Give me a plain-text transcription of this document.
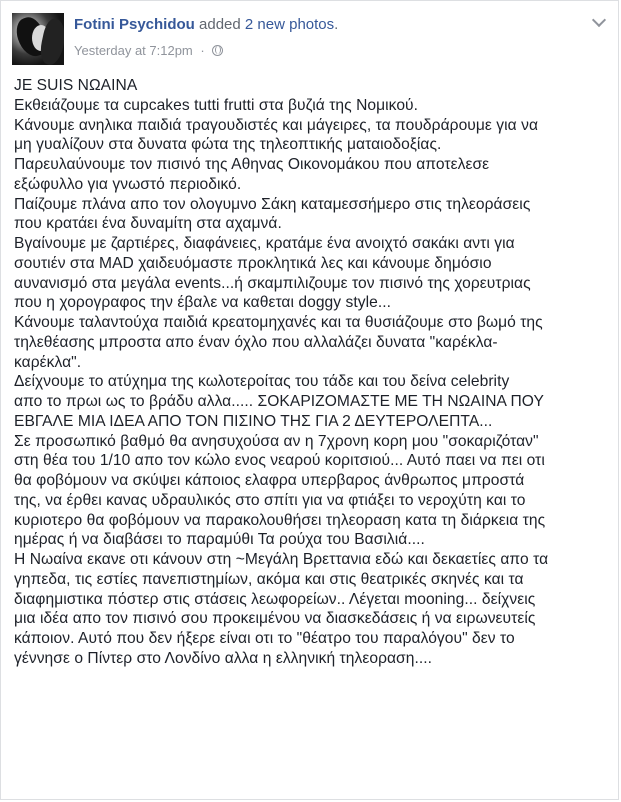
Fotini Psychidou added 2 new photos.
Yesterday at 7:12pm ·
JE SUIS ΝΩΑΙΝΑ
Εκθειάζουμε τα cupcakes tutti frutti στα βυζιά της Νομικού.
Κάνουμε ανηλικα παιδιά τραγουδιστές και μάγειρες, τα πουδράρουμε για να
μη γυαλίζουν στα δυνατα φώτα της τηλεοπτικής ματαιοδοξίας.
Παρευλαύνουμε τον πισινό της Αθηνας Οικονομάκου που αποτελεσε
εξώφυλλο για γνωστό περιοδικό.
Παίζουμε πλάνα απο τον ολογυμνο Σάκη καταμεσσήμερο στις τηλεοράσεις
που κρατάει ένα δυναμίτη στα αχαμνά.
Βγαίνουμε με ζαρτιέρες, διαφάνειες, κρατάμε ένα ανοιχτό σακάκι αντι για
σουτιέν στα MAD χαιδευόμαστε προκλητικά λες και κάνουμε δημόσιο
αυνανισμό στα μεγάλα events...ή σκαμπιλιζουμε τον πισινό της χορευτριας
που η χορογραφος την έβαλε να καθεται doggy style...
Κάνουμε ταλαντούχα παιδιά κρεατομηχανές και τα θυσιάζουμε στο βωμό της
τηλεθέασης μπροστα απο έναν όχλο που αλλαλάζει δυνατα "καρέκλα-
καρέκλα".
Δείχνουμε το ατύχημα της κωλοτεροίτας του τάδε και του δείνα celebrity
απο το πρωι ως το βράδυ αλλα..... ΣΟΚΑΡΙΖΟΜΑΣΤΕ ΜΕ ΤΗ ΝΩΑΙΝΑ ΠΟΥ
ΕΒΓΑΛΕ ΜΙΑ ΙΔΕΑ ΑΠΟ ΤΟΝ ΠΙΣΙΝΟ ΤΗΣ ΓΙΑ 2 ΔΕΥΤΕΡΟΛΕΠΤΑ...
Σε προσωπικό βαθμό θα ανησυχούσα αν η 7χρονη κορη μου "σοκαριζόταν"
στη θέα του 1/10 απο τον κώλο ενος νεαρού κοριτσιού... Αυτό παει να πει οτι
θα φοβόμουν να σκύψει κάποιος ελαφρα υπερβαρος άνθρωπος μπροστά
της, να έρθει κανας υδραυλικός στο σπίτι για να φτιάξει το νεροχύτη και το
κυριοτερο θα φοβόμουν να παρακολουθήσει τηλεοραση κατα τη διάρκεια της
ημέρας ή να διαβάσει το παραμύθι Τα ρούχα του Βασιλιά....
Η Νωαίνα εκανε οτι κάνουν στη ~Μεγάλη Βρεττανια εδώ και δεκαετίες απο τα
γηπεδα, τις εστίες πανεπιστημίων, ακόμα και στις θεατρικές σκηνές και τα
διαφημιστικα πόστερ στις στάσεις λεωφορείων.. Λέγεται mooning... δείχνεις
μια ιδέα απο τον πισινό σου προκειμένου να διασκεδάσεις ή να ειρωνευτείς
κάποιον. Αυτό που δεν ήξερε είναι οτι το "θέατρο του παραλόγου" δεν το
γέννησε ο Πίντερ στο Λονδίνο αλλα η ελληνική τηλεοραση....
